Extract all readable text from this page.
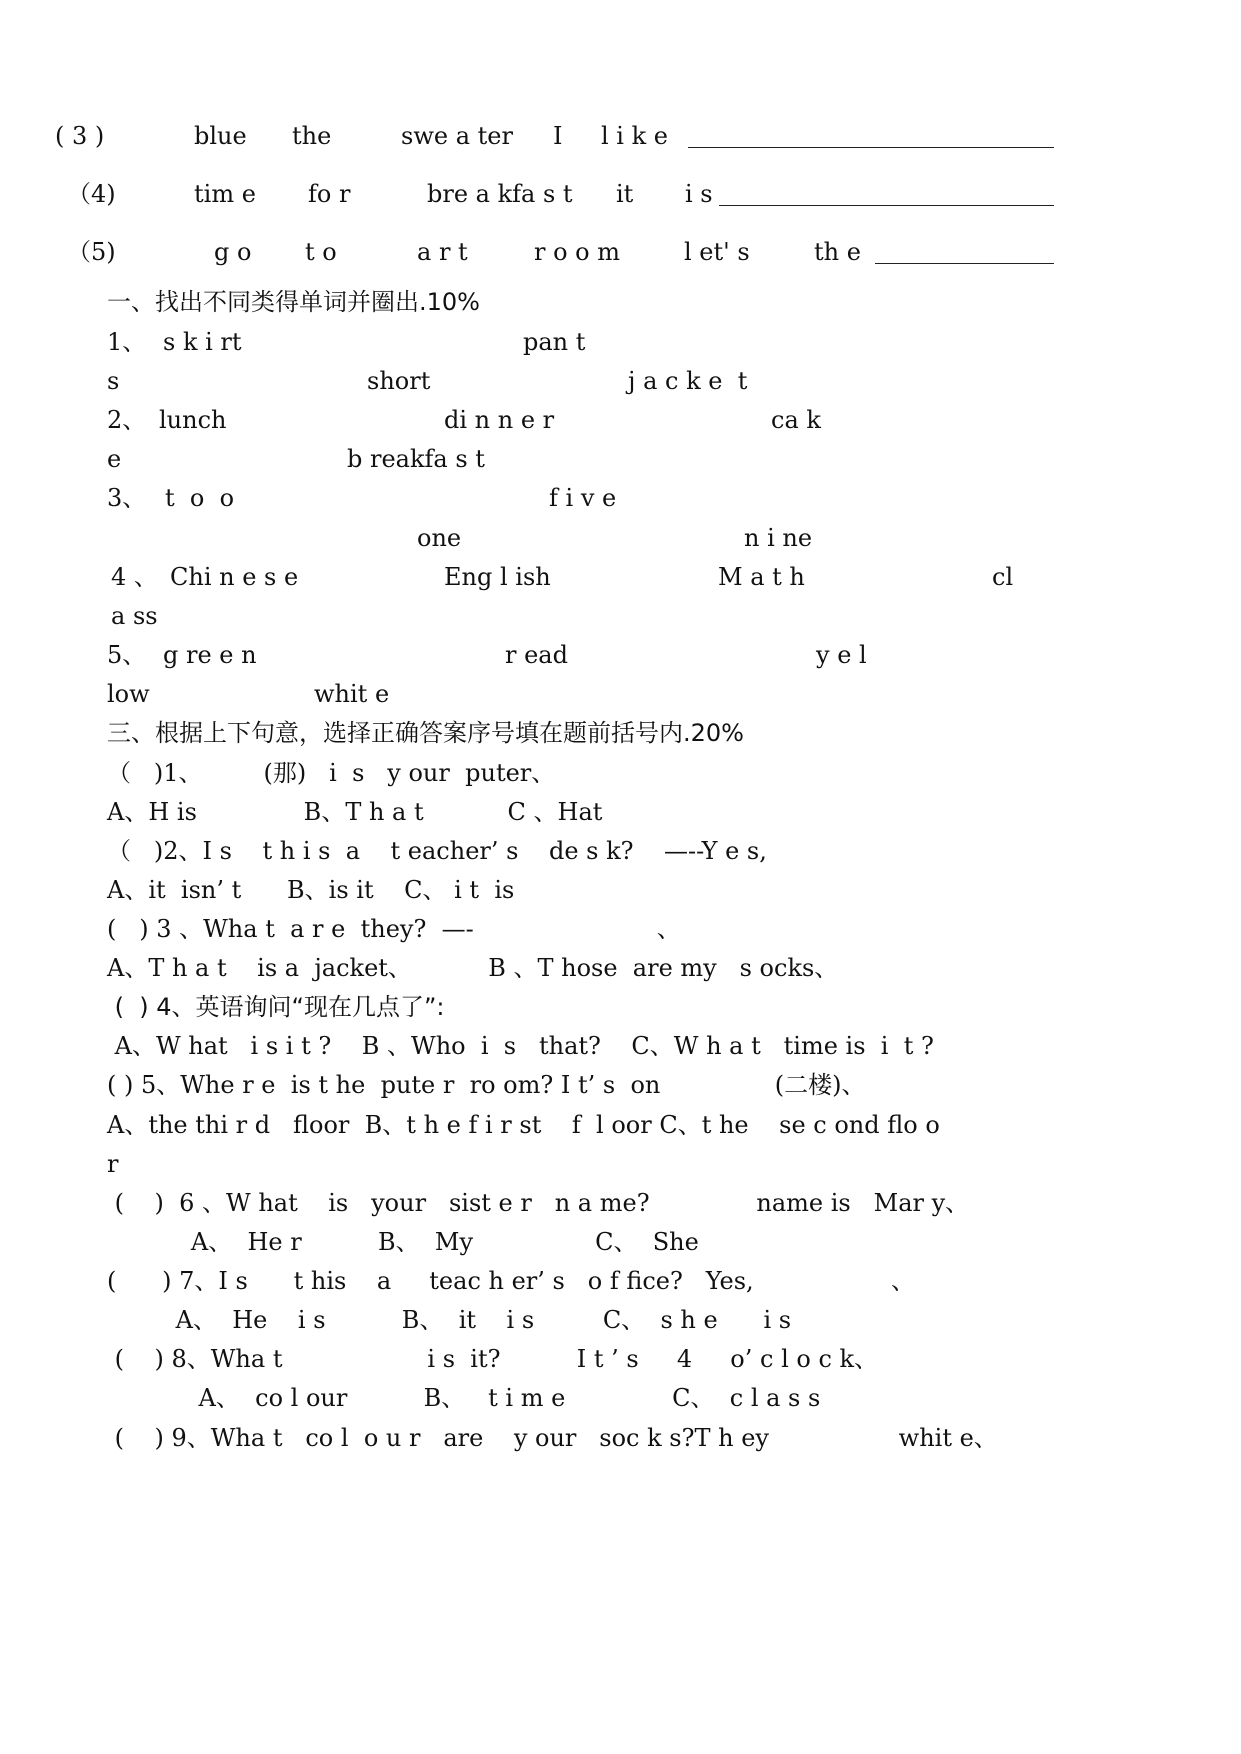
( 3 )	blue the	swe a ter I l i k e
（4)	tim e fo r	bre a kfa s t it i s
（5)	g o t o	a r t	r o o m	l et' s	th e
一、找出不同类得单词并圈出.10%
1、 s k i rt	pan t
s	short	j a c k e  t
2、 lunch	di n n e r	ca k
e	b reakfa s t
3、 t  o  o	f i v e
one	n i ne
4 、 Chi n e s e	Eng l ish	M a t h	cl
a ss
5、 g re e n	r ead	y e l
low	whit e
三、根据上下句意，选择正确答案序号填在题前括号内.20%
（   )1、        (那)   i  s   y our  puter、
A、H is              B、T h a t           C 、Hat
（   )2、I s    t h i s  a    t eacher’ s    de s k?    —--Y e s,
A、it  isn’ t      B、is it    C、 i t  is
(   ) 3 、Wha t  a r e  they?  —-                        、
A、T h a t    is a  jacket、          B 、T hose  are my   s ocks、
(  ) 4、英语询问“现在几点了”:
A、W hat   i s i t ?    B 、Who  i  s   that?    C、W h a t   time is  i  t ?
( ) 5、Whe r e  is t he  pute r  ro om? I t’ s  on               (二楼)、
A、the thi r d   floor  B、t h e f i r st    f  l oor C、t he    se c ond flo o
r
(    )  6 、W hat    is   your   sist e r   n a me?              name is   Mar y、
A、  He r          B、  My                C、  She
(      ) 7、I s      t his    a     teac h er’ s   o f fice?   Yes,                  、
A、  He    i s          B、  it    i s         C、  s h e      i s
(    ) 8、Wha t                   i s  it?          I t ’ s     4     o’ c l o c k、
A、  co l our          B、   t i m e              C、  c l a s s
(    ) 9、Wha t   co l  o u r   are    y our   soc k s?T h ey                 whit e、
